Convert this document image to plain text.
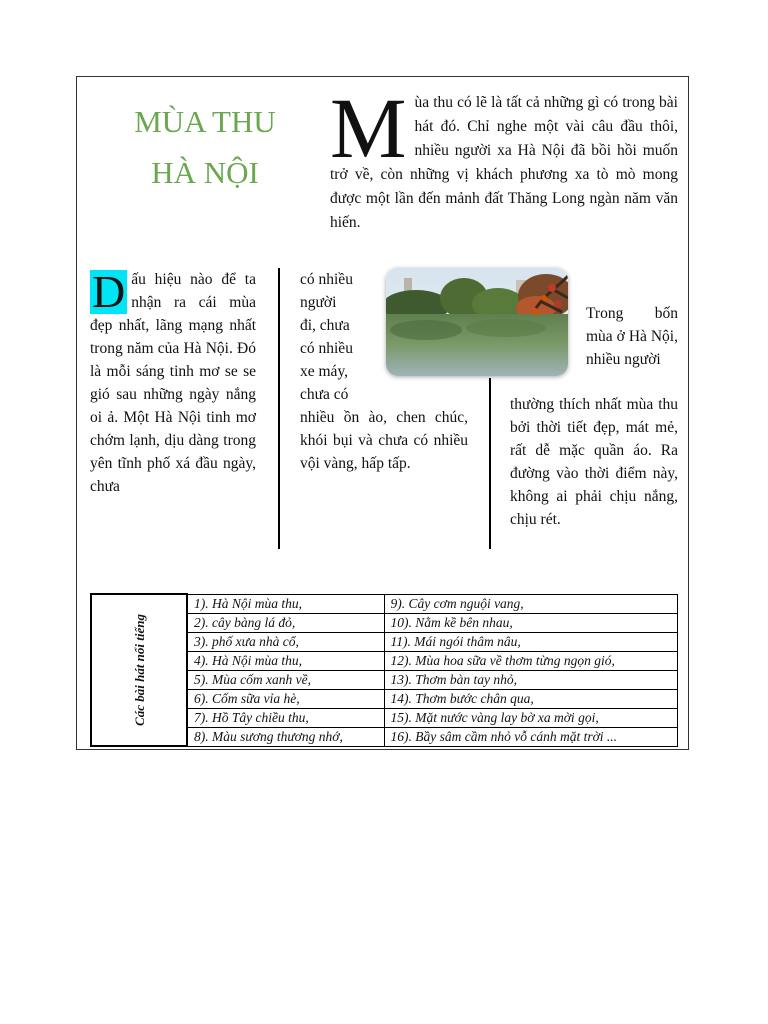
MÙA THU
HÀ NỘI Mùa thu có lẽ là tất cả những gì có trong bài hát đó. Chỉ nghe một vài câu đầu thôi, nhiều người xa Hà Nội đã bồi hồi muốn trở về, còn những vị khách phương xa tò mò mong được một lần đến mảnh đất Thăng Long ngàn năm văn hiến.
D ấu hiệu nào để ta nhận ra cái mùa đẹp nhất, lãng mạng nhất trong năm của Hà Nội. Đó là mỗi sáng tinh mơ se se gió sau những ngày nắng oi ả. Một Hà Nội tinh mơ chớm lạnh, dịu dàng trong yên tĩnh phố xá đầu ngày, chưa
có nhiều
người
đi, chưa
có nhiều
xe máy,
chưa có
nhiều ồn ào, chen chúc, khói bụi và chưa có nhiều vội vàng, hấp tấp.
Trong bốn mùa ở Hà Nội, nhiều người
thường thích nhất mùa thu bởi thời tiết đẹp, mát mẻ, rất dễ mặc quần áo. Ra đường vào thời điểm này, không ai phải chịu nắng, chịu rét.
Các bài hát nổi tiếng	1). Hà Nội mùa thu,	9). Cây cơm nguội vang,
	2). cây bàng lá đỏ,	10). Nằm kề bên nhau,
	3). phố xưa nhà cổ,	11). Mái ngói thâm nâu,
	4). Hà Nội mùa thu,	12). Mùa hoa sữa về thơm từng ngọn gió,
	5). Mùa cốm xanh về,	13). Thơm bàn tay nhỏ,
	6). Cốm sữa vỉa hè,	14). Thơm bước chân qua,
	7). Hồ Tây chiều thu,	15). Mặt nước vàng lay bờ xa mời gọi,
	8). Màu sương thương nhớ,	16). Bầy sâm cầm nhỏ vỗ cánh mặt trời ...
